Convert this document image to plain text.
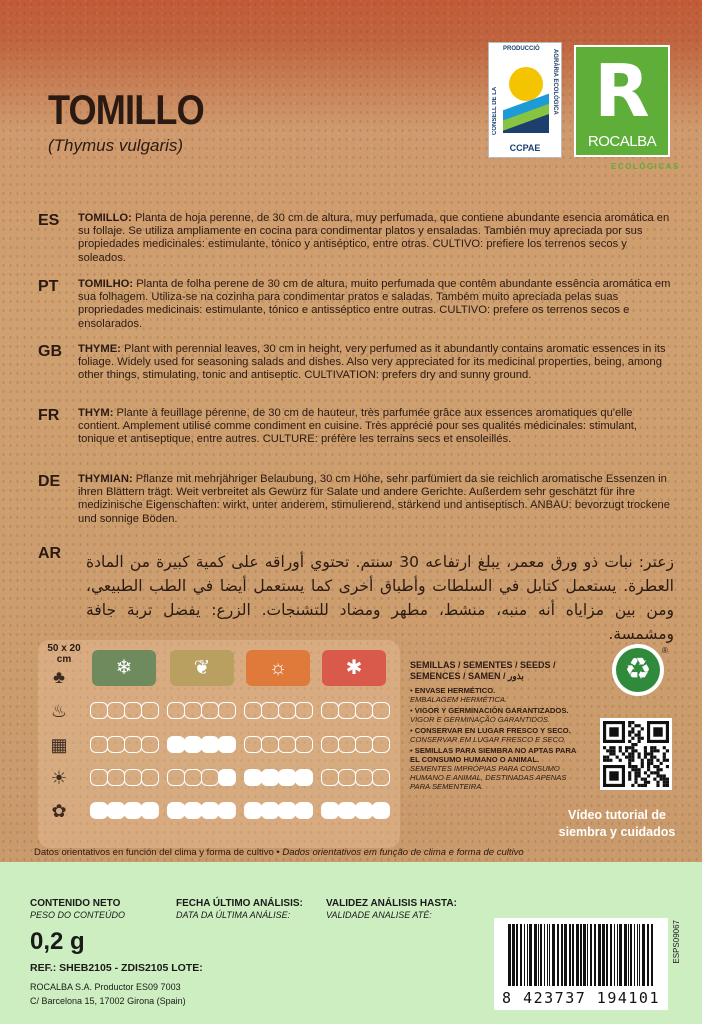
TOMILLO
(Thymus vulgaris)
PRODUCCIÓ
CONSELL DE LA	AGRÀRIA ECOLÒGICA
CCPAE
R
ROCALBA
ECOLÓGICAS
ES TOMILLO: Planta de hoja perenne, de 30 cm de altura, muy perfumada, que contiene abundante esencia aromática en su follaje. Se utiliza ampliamente en cocina para condimentar platos y ensaladas. También muy apreciada por sus propiedades medicinales: estimulante, tónico y antiséptico, entre otras. CULTIVO: prefiere los terrenos secos y soleados.
PT TOMILHO: Planta de folha perene de 30 cm de altura, muito perfumada que contêm abundante essência aromática em sua folhagem. Utiliza-se na cozinha para condimentar pratos e saladas. Também muito apreciada pelas suas propriedades medicinais: estimulante, tónico e antisséptico entre outras. CULTIVO: prefere os terrenos secos e ensolarados.
GB THYME: Plant with perennial leaves, 30 cm in height, very perfumed as it abundantly contains aromatic essences in its foliage. Widely used for seasoning salads and dishes. Also very appreciated for its medicinal properties, being, among other things, stimulating, tonic and antiseptic. CULTIVATION: prefers dry and sunny ground.
FR THYM: Plante à feuillage pérenne, de 30 cm de hauteur, très parfumée grâce aux essences aromatiques qu'elle contient. Amplement utilisé comme condiment en cuisine. Très apprécié pour ses qualités médicinales: stimulant, tonique et antiseptique, entre autres. CULTURE: préfère les terrains secs et ensoleillés.
DE THYMIAN: Pflanze mit mehrjähriger Belaubung, 30 cm Höhe, sehr parfümiert da sie reichlich aromatische Essenzen in ihren Blättern trägt. Weit verbreitet als Gewürz für Salate und andere Gerichte. Außerdem sehr geschätzt für ihre medizinische Eigenschaften: wirkt, unter anderem, stimulierend, stärkend und antiseptisch. ANBAU: bevorzugt trockene und sonnige Böden.
AR زعتر: نبات ذو ورق معمر، يبلغ ارتفاعه 30 سنتم. تحتوي أوراقه على كمية كبيرة من المادة العطرة. يستعمل كتابل في السلطات وأطباق أخرى كما يستعمل أيضا في الطب الطبيعي، ومن بين مزاياه أنه منبه، منشط، مطهر ومضاد للتشنجات. الزرع: يفضل تربة جافة ومشمسة.
50 x 20 cm
♣	❄	❦	☼	✱
♨
▦
☀
✿
SEMILLAS / SEMENTES / SEEDS /
SEMENCES / SAMEN / بذور
• ENVASE HERMÉTICO.
EMBALAGEM HERMÉTICA.
• VIGOR Y GERMINACIÓN GARANTIZADOS.
VIGOR E GERMINAÇÃO GARANTIDOS.
• CONSERVAR EN LUGAR FRESCO Y SECO.
CONSERVAR EM LUGAR FRESCO E SECO.
• SEMILLAS PARA SIEMBRA NO APTAS PARA EL CONSUMO HUMANO O ANIMAL.
SEMENTES IMPRÓPIAS PARA CONSUMO HUMANO E ANIMAL, DESTINADAS APENAS PARA SEMENTEIRA.
♻
®
Vídeo tutorial de siembra y cuidados
Datos orientativos en función del clima y forma de cultivo • Dados orientativos em função de clima e forma de cultivo
CONTENIDO NETO
PESO DO CONTEÚDO
0,2 g
FECHA ÚLTIMO ANÁLISIS:
DATA DA ÚLTIMA ANÁLISE:
VALIDEZ ANÁLISIS HASTA:
VALIDADE ANALISE ATÉ:
REF.: SHEB2105 - ZDIS2105 LOTE:
ROCALBA S.A. Productor ES09 7003
C/ Barcelona 15, 17002 Girona (Spain)	8 423737 194101
ESPS09067
